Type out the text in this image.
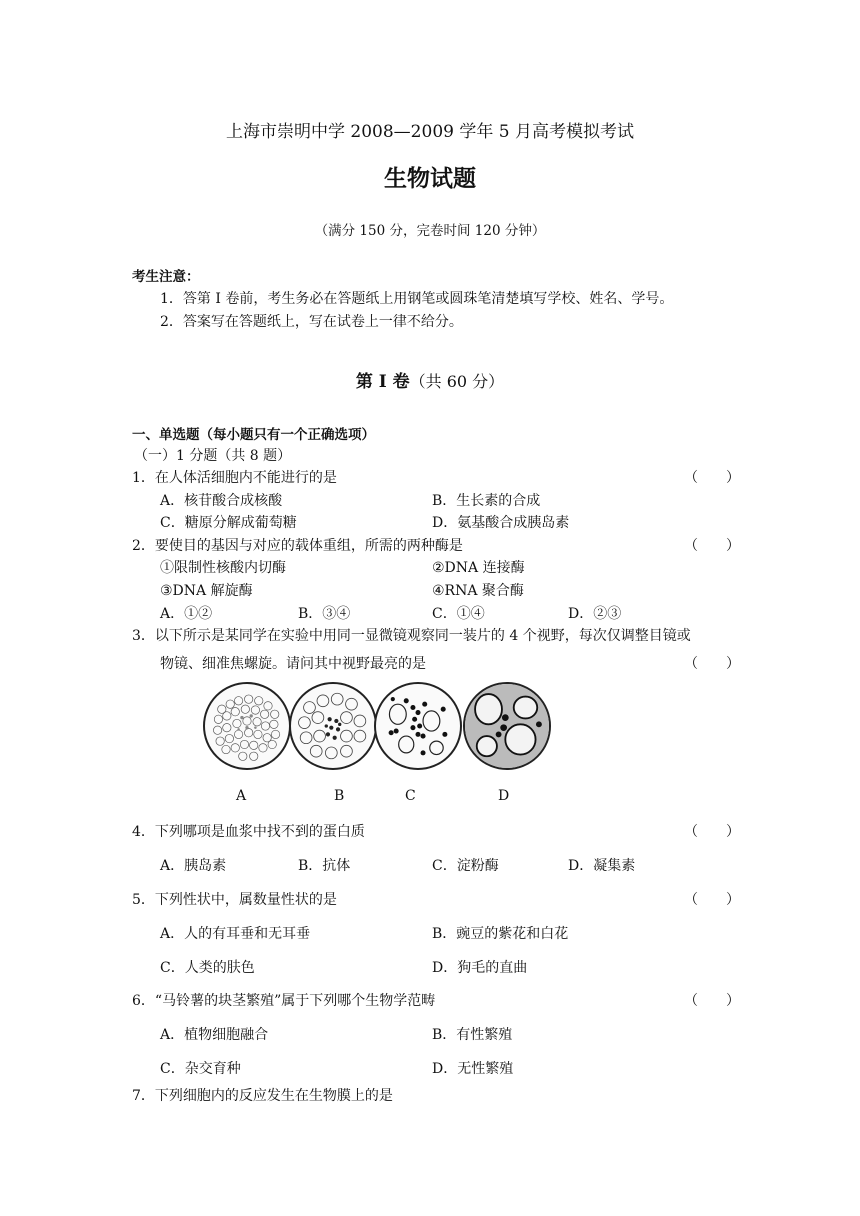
上海市崇明中学 2008—2009 学年 5 月高考模拟考试
生物试题
（满分 150 分，完卷时间 120 分钟）
考生注意：
1．答第 I 卷前，考生务必在答题纸上用钢笔或圆珠笔清楚填写学校、姓名、学号。
2．答案写在答题纸上，写在试卷上一律不给分。
第 Ⅰ 卷（共 60 分）
一、单选题（每小题只有一个正确选项）
（一）1 分题（共 8 题）
1．在人体活细胞内不能进行的是	（　　）
A．核苷酸合成核酸	B．生长素的合成
C．糖原分解成葡萄糖	D．氨基酸合成胰岛素
2．要使目的基因与对应的载体重组，所需的两种酶是	（　　）
①限制性核酸内切酶	②DNA 连接酶
③DNA 解旋酶	④RNA 聚合酶
A．①②	B．③④	C．①④	D．②③
3．以下所示是某同学在实验中用同一显微镜观察同一装片的 4 个视野，每次仅调整目镜或
物镜、细准焦螺旋。请问其中视野最亮的是	（　　）
A	B	C	D
4．下列哪项是血浆中找不到的蛋白质	（　　）
A．胰岛素	B．抗体	C．淀粉酶	D．凝集素
5．下列性状中，属数量性状的是	（　　）
A．人的有耳垂和无耳垂	B．豌豆的紫花和白花
C．人类的肤色	D．狗毛的直曲
6．“马铃薯的块茎繁殖”属于下列哪个生物学范畴	（　　）
A．植物细胞融合	B．有性繁殖
C．杂交育种	D．无性繁殖
7．下列细胞内的反应发生在生物膜上的是
